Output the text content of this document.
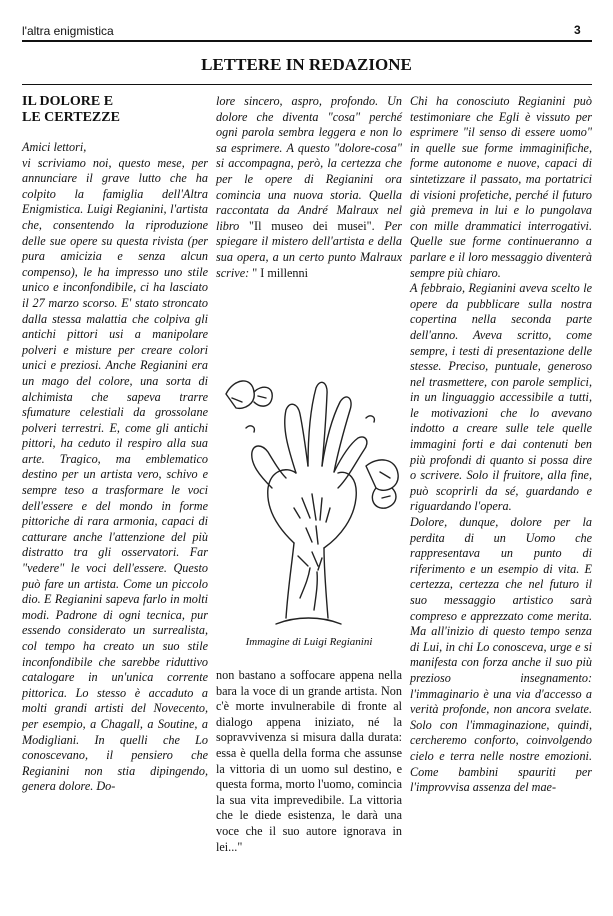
l'altra enigmistica	3
LETTERE IN REDAZIONE
IL DOLORE E
LE CERTEZZE

Amici lettori,

vi scriviamo noi, questo mese, per annunciare il grave lutto che ha colpito la famiglia dell'Altra Enigmistica. Luigi Regianini, l'artista che, consentendo la riproduzione delle sue opere su questa rivista (per pura amicizia e senza alcun compenso), le ha impresso uno stile unico e inconfondibile, ci ha lasciato il 27 marzo scorso. E' stato stroncato dalla stessa malattia che colpiva gli antichi pittori usi a manipolare polveri e misture per creare colori unici e preziosi. Anche Regianini era un mago del colore, una sorta di alchimista che sapeva trarre sfumature celestiali da grossolane polveri terrestri. E, come gli antichi pittori, ha ceduto il respiro alla sua arte. Tragico, ma emblematico destino per un artista vero, schivo e sempre teso a trasformare le voci dell'essere e del mondo in forme pittoriche di rara armonia, capaci di catturare anche l'attenzione del più distratto tra gli osservatori. Far "vedere" le voci dell'essere. Questo può fare un artista. Come un piccolo dio. E Regianini sapeva farlo in molti modi. Padrone di ogni tecnica, pur essendo considerato un surrealista, col tempo ha creato un suo stile inconfondibile che sarebbe riduttivo catalogare in un'unica corrente pittorica. Lo stesso è accaduto a molti grandi artisti del Novecento, per esempio, a Chagall, a Soutine, a Modigliani. In quelli che Lo conoscevano, il pensiero che Regianini non stia dipingendo, genera dolore. Do-

lore sincero, aspro, profondo. Un dolore che diventa "cosa" perché ogni parola sembra leggera e non lo sa esprimere. A questo "dolore-cosa" si accompagna, però, la certezza che per le opere di Regianini ora comincia una nuova storia. Quella raccontata da André Malraux nel libro "Il museo dei musei". Per spiegare il mistero dell'artista e della sua opera, a un certo punto Malraux scrive: " I millenni

Immagine di Luigi Regianini

non bastano a soffocare appena nella bara la voce di un grande artista. Non c'è morte invulnerabile di fronte al dialogo appena iniziato, né la sopravvivenza si misura dalla durata: essa è quella della forma che assunse la vittoria di un uomo sul destino, e questa forma, morto l'uomo, comincia la sua vita imprevedibile. La vittoria che le diede esistenza, le darà una voce che il suo autore ignorava in lei..."

Chi ha conosciuto Regianini può testimoniare che Egli è vissuto per esprimere "il senso di essere uomo" in quelle sue forme immaginifiche, forme autonome e nuove, capaci di sintetizzare il passato, ma portatrici di visioni profetiche, perché il futuro già premeva in lui e lo pungolava con mille drammatici interrogativi. Quelle sue forme continueranno a parlare e il loro messaggio diventerà sempre più chiaro.

A febbraio, Regianini aveva scelto le opere da pubblicare sulla nostra copertina nella seconda parte dell'anno. Aveva scritto, come sempre, i testi di presentazione delle stesse. Preciso, puntuale, generoso nel trasmettere, con parole semplici, in un linguaggio accessibile a tutti, le motivazioni che lo avevano indotto a creare sulle tele quelle immagini forti e dai contenuti ben più profondi di quanto si possa dire o scrivere. Solo il fruitore, alla fine, può scoprirli da sé, guardando e riguardando l'opera.

Dolore, dunque, dolore per la perdita di un Uomo che rappresentava un punto di riferimento e un esempio di vita. E certezza, certezza che nel futuro il suo messaggio artistico sarà compreso e apprezzato come merita. Ma all'inizio di questo tempo senza di Lui, in chi Lo conosceva, urge e si manifesta con forza anche il suo più prezioso insegnamento: l'immaginario è una via d'accesso a verità profonde, non ancora svelate. Solo con l'immaginazione, quindi, cercheremo conforto, coinvolgendo cielo e terra nelle nostre emozioni. Come bambini spauriti per l'improvvisa assenza del mae-
